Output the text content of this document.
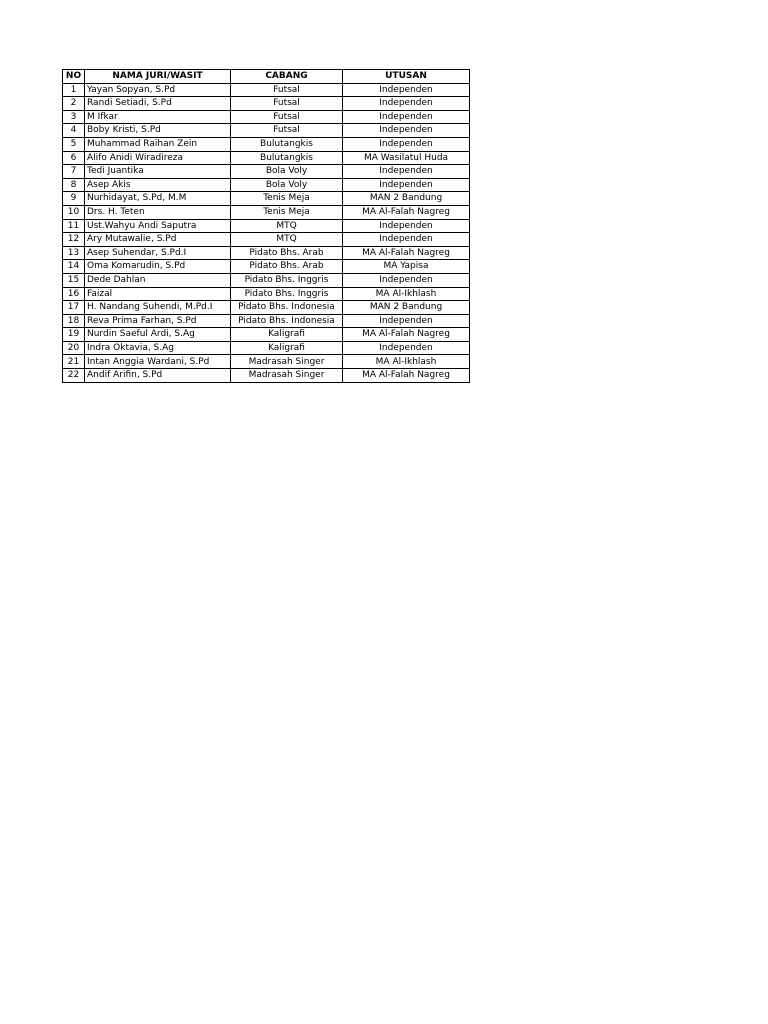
NO	NAMA JURI/WASIT	CABANG	UTUSAN
1	Yayan Sopyan, S.Pd	Futsal	Independen
2	Randi Setiadi, S.Pd	Futsal	Independen
3	M Ifkar	Futsal	Independen
4	Boby Kristi, S.Pd	Futsal	Independen
5	Muhammad Raihan Zein	Bulutangkis	Independen
6	Alifo Anidi Wiradireza	Bulutangkis	MA Wasilatul Huda
7	Tedi Juantika	Bola Voly	Independen
8	Asep Akis	Bola Voly	Independen
9	Nurhidayat, S.Pd, M.M	Tenis Meja	MAN 2 Bandung
10	Drs. H. Teten	Tenis Meja	MA Al-Falah Nagreg
11	Ust.Wahyu Andi Saputra	MTQ	Independen
12	Ary Mutawalie, S.Pd	MTQ	Independen
13	Asep Suhendar, S.Pd.I	Pidato Bhs. Arab	MA Al-Falah Nagreg
14	Oma Komarudin, S.Pd	Pidato Bhs. Arab	MA Yapisa
15	Dede Dahlan	Pidato Bhs. Inggris	Independen
16	Faizal	Pidato Bhs. Inggris	MA Al-Ikhlash
17	H. Nandang Suhendi, M.Pd.I	Pidato Bhs. Indonesia	MAN 2 Bandung
18	Reva Prima Farhan, S.Pd	Pidato Bhs. Indonesia	Independen
19	Nurdin Saeful Ardi, S.Ag	Kaligrafi	MA Al-Falah Nagreg
20	Indra Oktavia, S.Ag	Kaligrafi	Independen
21	Intan Anggia Wardani, S.Pd	Madrasah Singer	MA Al-Ikhlash
22	Andif Arifin, S.Pd	Madrasah Singer	MA Al-Falah Nagreg
